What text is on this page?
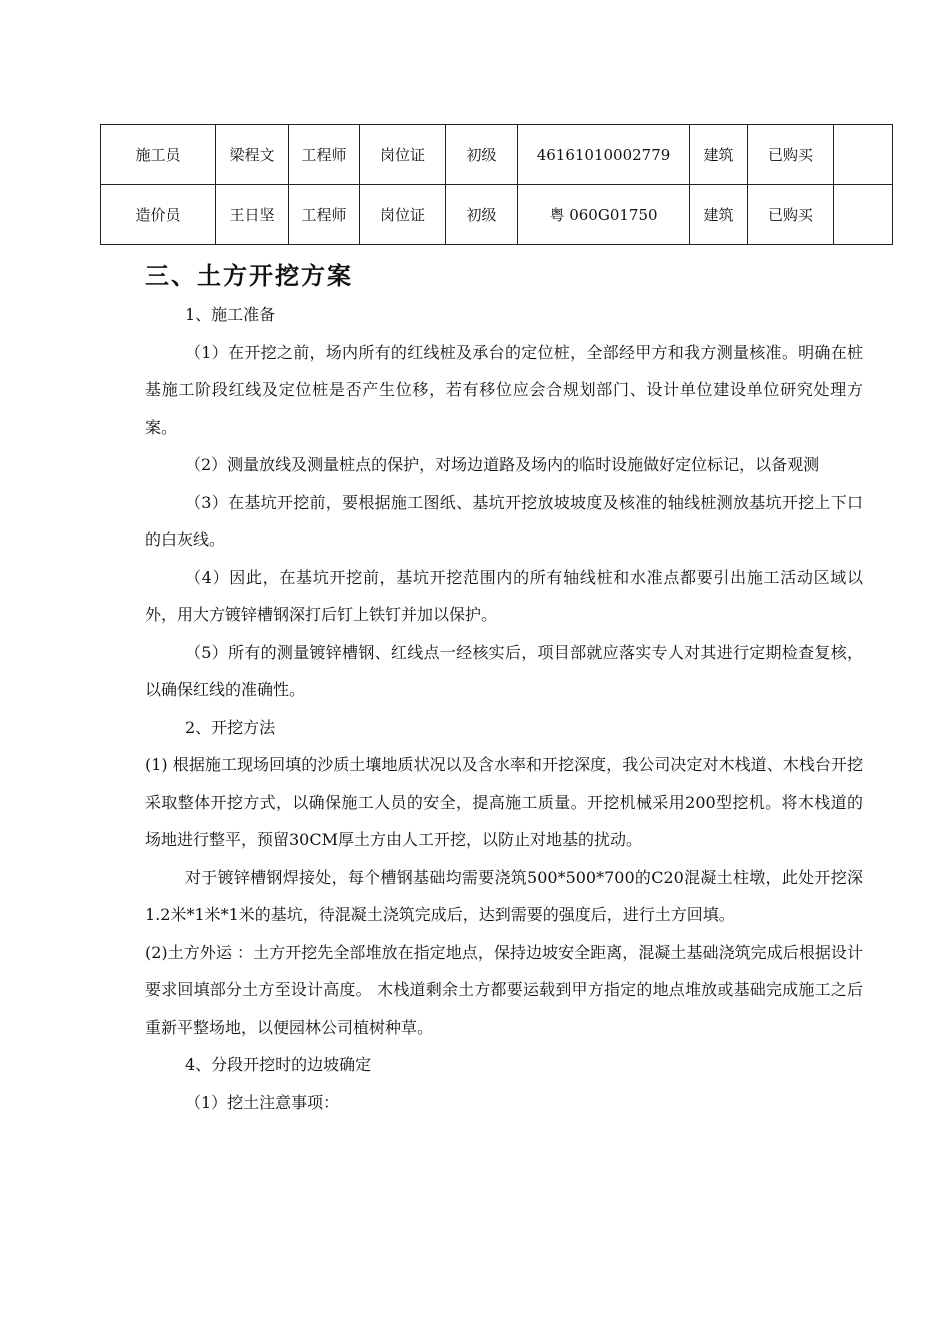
施工员	梁程文	工程师	岗位证	初级	46161010002779	建筑	已购买	
造价员	王日坚	工程师	岗位证	初级	粤 060G01750	建筑	已购买	
三、土方开挖方案

1、施工准备

（1）在开挖之前，场内所有的红线桩及承台的定位桩，全部经甲方和我方测量核准。明确在桩基施工阶段红线及定位桩是否产生位移，若有移位应会合规划部门、设计单位建设单位研究处理方案。

（2）测量放线及测量桩点的保护，对场边道路及场内的临时设施做好定位标记，以备观测

（3）在基坑开挖前，要根据施工图纸、基坑开挖放坡坡度及核准的轴线桩测放基坑开挖上下口的白灰线。

（4）因此，在基坑开挖前，基坑开挖范围内的所有轴线桩和水准点都要引出施工活动区域以外，用大方镀锌槽钢深打后钉上铁钉并加以保护。

（5）所有的测量镀锌槽钢、红线点一经核实后，项目部就应落实专人对其进行定期检查复核，以确保红线的准确性。

2、开挖方法

(1) 根据施工现场回填的沙质土壤地质状况以及含水率和开挖深度，我公司决定对木栈道、木栈台开挖采取整体开挖方式，以确保施工人员的安全，提高施工质量。开挖机械采用200型挖机。将木栈道的场地进行整平，预留30CM厚土方由人工开挖，以防止对地基的扰动。

对于镀锌槽钢焊接处，每个槽钢基础均需要浇筑500*500*700的C20混凝土柱墩，此处开挖深1.2米*1米*1米的基坑，待混凝土浇筑完成后，达到需要的强度后，进行土方回填。

(2)土方外运 ：土方开挖先全部堆放在指定地点，保持边坡安全距离，混凝土基础浇筑完成后根据设计要求回填部分土方至设计高度。 木栈道剩余土方都要运载到甲方指定的地点堆放或基础完成施工之后重新平整场地，以便园林公司植树种草。

4、分段开挖时的边坡确定

（1）挖土注意事项：
